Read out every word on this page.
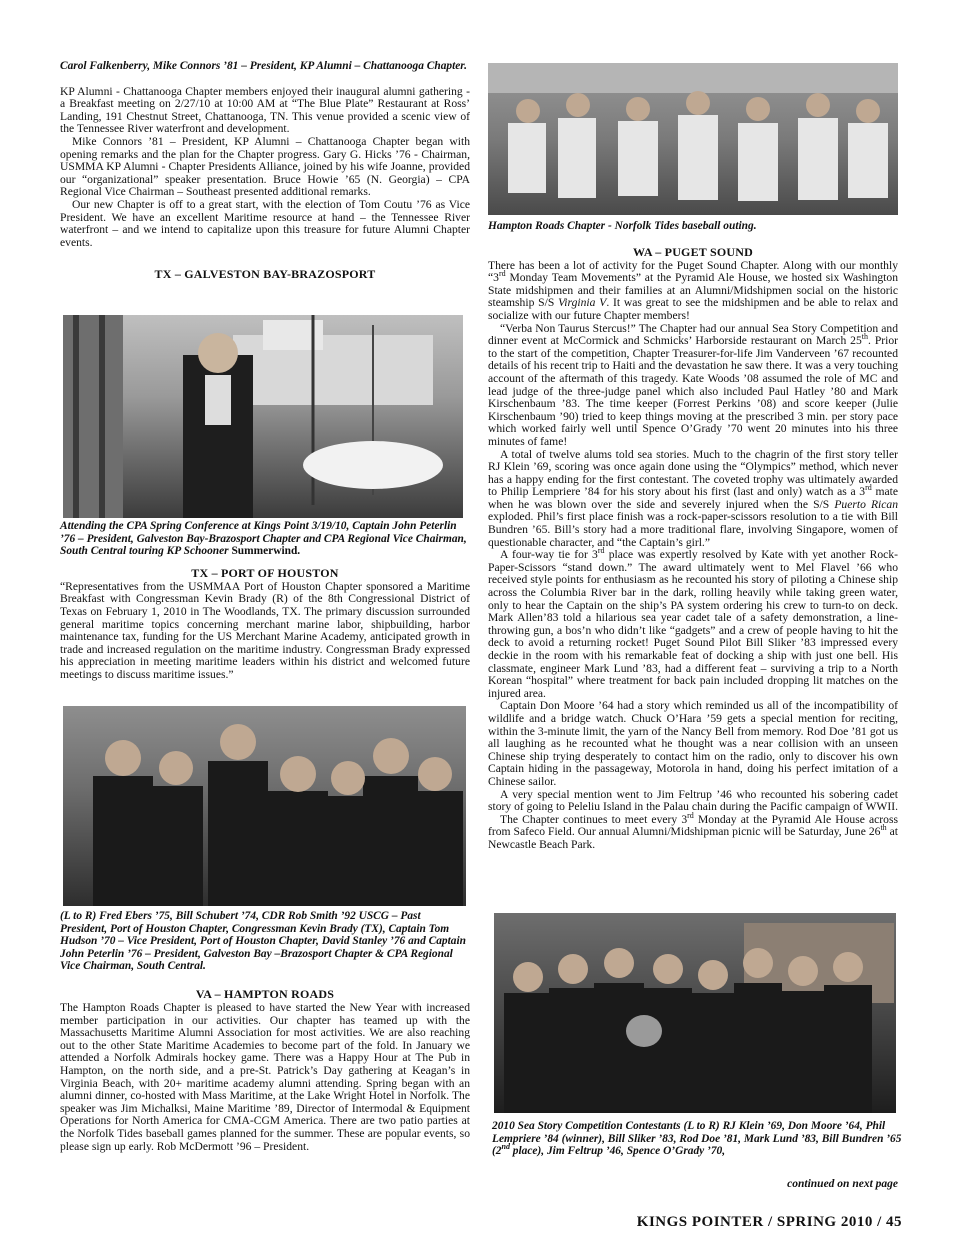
Carol Falkenberry, Mike Connors ’81 – President, KP Alumni – Chattanooga Chapter.

KP Alumni - Chattanooga Chapter members enjoyed their inaugural alumni gathering - a Breakfast meeting on 2/27/10 at 10:00 AM at “The Blue Plate” Restaurant at Ross’ Landing, 191 Chestnut Street, Chattanooga, TN. This venue provided a scenic view of the Tennessee River waterfront and development.

Mike Connors ’81 – President, KP Alumni – Chattanooga Chapter began with opening remarks and the plan for the Chapter progress. Gary G. Hicks ’76 - Chairman, USMMA KP Alumni - Chapter Presidents Alliance, joined by his wife Joanne, provided our “organizational” speaker presentation. Bruce Howie ’65 (N. Georgia) – CPA Regional Vice Chairman – Southeast presented additional remarks.

Our new Chapter is off to a great start, with the election of Tom Coutu ’76 as Vice President. We have an excellent Maritime resource at hand – the Tennessee River waterfront – and we intend to capitalize upon this treasure for future Alumni Chapter events.

TX – GALVESTON BAY-BRAZOSPORT

Attending the CPA Spring Conference at Kings Point 3/19/10, Captain John Peterlin ’76 – President, Galveston Bay-Brazosport Chapter and CPA Regional Vice Chairman, South Central touring KP Schooner Summerwind.

TX – PORT OF HOUSTON

“Representatives from the USMMAA Port of Houston Chapter sponsored a Maritime Breakfast with Congressman Kevin Brady (R) of the 8th Congressional District of Texas on February 1, 2010 in The Woodlands, TX. The primary discussion surrounded general maritime topics concerning merchant marine labor, shipbuilding, harbor maintenance tax, funding for the US Merchant Marine Academy, anticipated growth in trade and increased regulation on the maritime industry. Congressman Brady expressed his appreciation in meeting maritime leaders within his district and welcomed future meetings to discuss maritime issues.”

(L to R) Fred Ebers ’75, Bill Schubert ’74, CDR Rob Smith ’92 USCG – Past President, Port of Houston Chapter, Congressman Kevin Brady (TX), Captain Tom Hudson ’70 – Vice President, Port of Houston Chapter, David Stanley ’76 and Captain John Peterlin ’76 – President, Galveston Bay –Brazosport Chapter & CPA Regional Vice Chairman, South Central.

VA – HAMPTON ROADS

The Hampton Roads Chapter is pleased to have started the New Year with increased member participation in our activities. Our chapter has teamed up with the Massachusetts Maritime Alumni Association for most activities. We are also reaching out to the other State Maritime Academies to become part of the fold. In January we attended a Norfolk Admirals hockey game. There was a Happy Hour at The Pub in Hampton, on the north side, and a pre-St. Patrick’s Day gathering at Keagan’s in Virginia Beach, with 20+ maritime academy alumni attending. Spring began with an alumni dinner, co-hosted with Mass Maritime, at the Lake Wright Hotel in Norfolk. The speaker was Jim Michalksi, Maine Maritime ’89, Director of Intermodal & Equipment Operations for North America for CMA-CGM America. There are two patio parties at the Norfolk Tides baseball games planned for the summer. These are popular events, so please sign up early. Rob McDermott ’96 – President.

Hampton Roads Chapter - Norfolk Tides baseball outing.

WA – PUGET SOUND

There has been a lot of activity for the Puget Sound Chapter. Along with our monthly “3rd Monday Team Movements” at the Pyramid Ale House, we hosted six Washington State midshipmen and their families at an Alumni/Midshipmen social on the historic steamship S/S Virginia V. It was great to see the midshipmen and be able to relax and socialize with our future Chapter members!

“Verba Non Taurus Stercus!” The Chapter had our annual Sea Story Competition and dinner event at McCormick and Schmicks’ Harborside restaurant on March 25th. Prior to the start of the competition, Chapter Treasurer-for-life Jim Vanderveen ’67 recounted details of his recent trip to Haiti and the devastation he saw there. It was a very touching account of the aftermath of this tragedy. Kate Woods ’08 assumed the role of MC and lead judge of the three-judge panel which also included Paul Hatley ’80 and Mark Kirschenbaum ’83. The time keeper (Forrest Perkins ’08) and score keeper (Julie Kirschenbaum ’90) tried to keep things moving at the prescribed 3 min. per story pace which worked fairly well until Spence O’Grady ’70 went 20 minutes into his three minutes of fame!

A total of twelve alums told sea stories. Much to the chagrin of the first story teller RJ Klein ’69, scoring was once again done using the “Olympics” method, which never has a happy ending for the first contestant. The coveted trophy was ultimately awarded to Philip Lempriere ’84 for his story about his first (last and only) watch as a 3rd mate when he was blown over the side and severely injured when the S/S Puerto Rican exploded. Phil’s first place finish was a rock-paper-scissors resolution to a tie with Bill Bundren ’65. Bill’s story had a more traditional flare, involving Singapore, women of questionable character, and “the Captain’s girl.”

A four-way tie for 3rd place was expertly resolved by Kate with yet another Rock-Paper-Scissors “stand down.” The award ultimately went to Mel Flavel ’66 who received style points for enthusiasm as he recounted his story of piloting a Chinese ship across the Columbia River bar in the dark, rolling heavily while taking green water, only to hear the Captain on the ship’s PA system ordering his crew to turn-to on deck. Mark Allen’83 told a hilarious sea year cadet tale of a safety demonstration, a line-throwing gun, a bos’n who didn’t like “gadgets” and a crew of people having to hit the deck to avoid a returning rocket! Puget Sound Pilot Bill Sliker ’83 impressed every deckie in the room with his remarkable feat of docking a ship with just one bell. His classmate, engineer Mark Lund ’83, had a different feat – surviving a trip to a North Korean “hospital” where treatment for back pain included dropping lit matches on the injured area.

Captain Don Moore ’64 had a story which reminded us all of the incompatibility of wildlife and a bridge watch. Chuck O’Hara ’59 gets a special mention for reciting, within the 3-minute limit, the yarn of the Nancy Bell from memory. Rod Doe ’81 got us all laughing as he recounted what he thought was a near collision with an unseen Chinese ship trying desperately to contact him on the radio, only to discover his own Captain hiding in the passageway, Motorola in hand, doing his perfect imitation of a Chinese sailor.

A very special mention went to Jim Feltrup ’46 who recounted his sobering cadet story of going to Peleliu Island in the Palau chain during the Pacific campaign of WWII.

The Chapter continues to meet every 3rd Monday at the Pyramid Ale House across from Safeco Field. Our annual Alumni/Midshipman picnic will be Saturday, June 26th at Newcastle Beach Park.

2010 Sea Story Competition Contestants (L to R) RJ Klein ’69, Don Moore ’64, Phil Lempriere ’84 (winner), Bill Sliker ’83, Rod Doe ’81, Mark Lund ’83, Bill Bundren ’65 (2nd place), Jim Feltrup ’46, Spence O’Grady ’70,

continued on next page
KINGS POINTER / SPRING 2010 / 45
